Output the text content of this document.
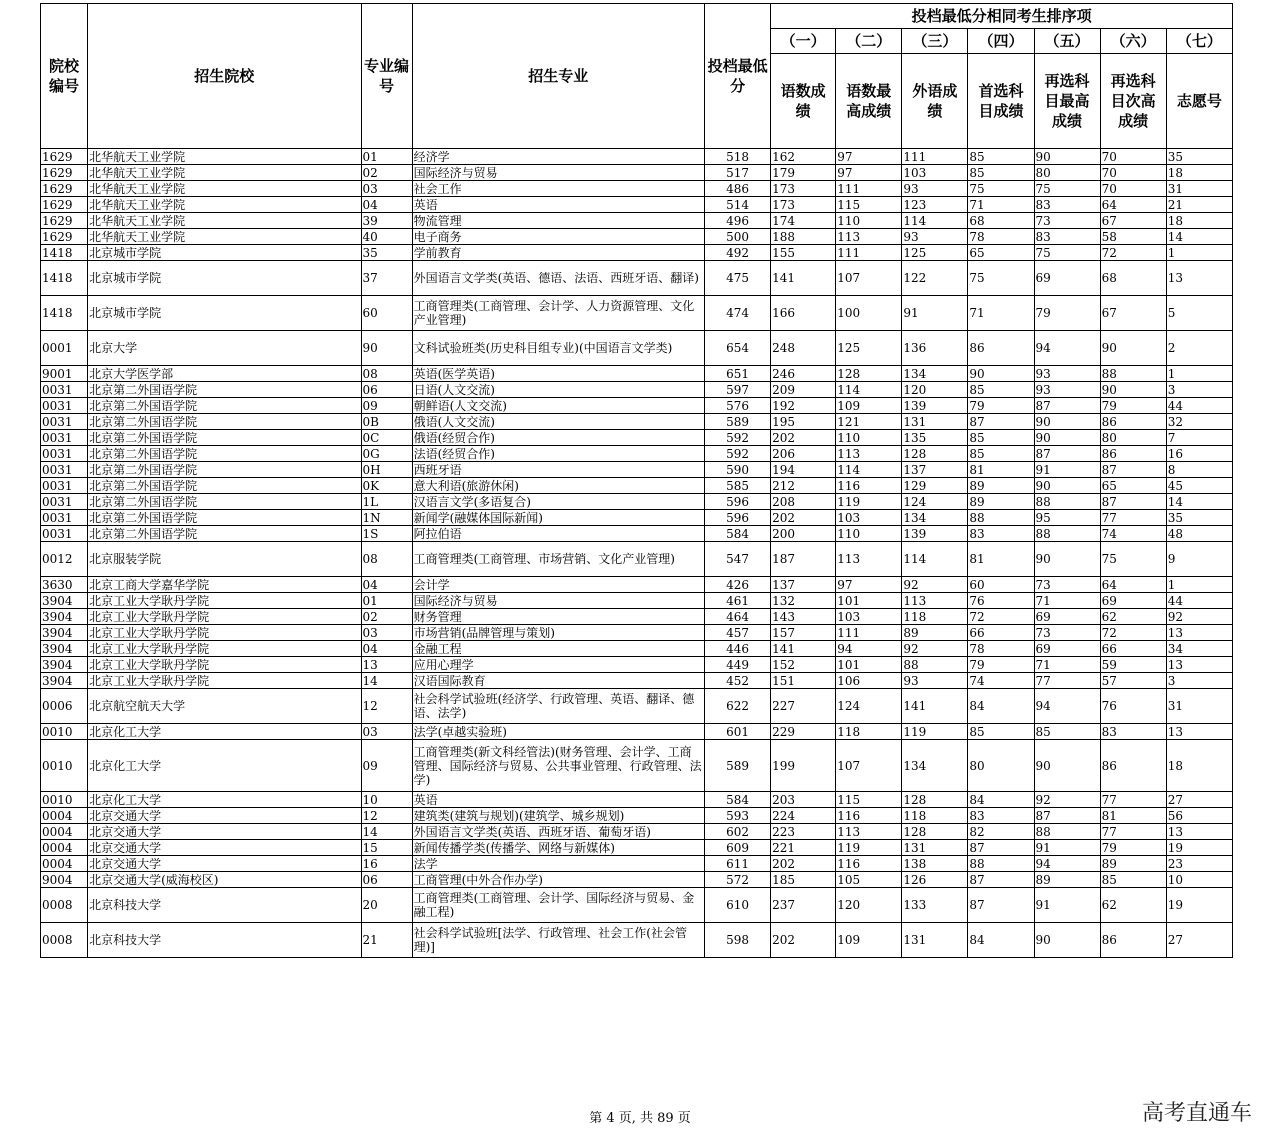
院校编号	招生院校	专业编号	招生专业	投档最低分	投档最低分相同考生排序项						
					（一）	（二）	（三）	（四）	（五）	（六）	（七）
					语数成绩	语数最高成绩	外语成绩	首选科目成绩	再选科目最高成绩	再选科目次高成绩	志愿号
1629	北华航天工业学院	01	经济学	518	162	97	111	85	90	70	35
1629	北华航天工业学院	02	国际经济与贸易	517	179	97	103	85	80	70	18
1629	北华航天工业学院	03	社会工作	486	173	111	93	75	75	70	31
1629	北华航天工业学院	04	英语	514	173	115	123	71	83	64	21
1629	北华航天工业学院	39	物流管理	496	174	110	114	68	73	67	18
1629	北华航天工业学院	40	电子商务	500	188	113	93	78	83	58	14
1418	北京城市学院	35	学前教育	492	155	111	125	65	75	72	1
1418	北京城市学院	37	外国语言文学类(英语、德语、法语、西班牙语、翻译)	475	141	107	122	75	69	68	13
1418	北京城市学院	60	工商管理类(工商管理、会计学、人力资源管理、文化产业管理)	474	166	100	91	71	79	67	5
0001	北京大学	90	文科试验班类(历史科目组专业)(中国语言文学类)	654	248	125	136	86	94	90	2
9001	北京大学医学部	08	英语(医学英语)	651	246	128	134	90	93	88	1
0031	北京第二外国语学院	06	日语(人文交流)	597	209	114	120	85	93	90	3
0031	北京第二外国语学院	09	朝鲜语(人文交流)	576	192	109	139	79	87	79	44
0031	北京第二外国语学院	0B	俄语(人文交流)	589	195	121	131	87	90	86	32
0031	北京第二外国语学院	0C	俄语(经贸合作)	592	202	110	135	85	90	80	7
0031	北京第二外国语学院	0G	法语(经贸合作)	592	206	113	128	85	87	86	16
0031	北京第二外国语学院	0H	西班牙语	590	194	114	137	81	91	87	8
0031	北京第二外国语学院	0K	意大利语(旅游休闲)	585	212	116	129	89	90	65	45
0031	北京第二外国语学院	1L	汉语言文学(多语复合)	596	208	119	124	89	88	87	14
0031	北京第二外国语学院	1N	新闻学(融媒体国际新闻)	596	202	103	134	88	95	77	35
0031	北京第二外国语学院	1S	阿拉伯语	584	200	110	139	83	88	74	48
0012	北京服装学院	08	工商管理类(工商管理、市场营销、文化产业管理)	547	187	113	114	81	90	75	9
3630	北京工商大学嘉华学院	04	会计学	426	137	97	92	60	73	64	1
3904	北京工业大学耿丹学院	01	国际经济与贸易	461	132	101	113	76	71	69	44
3904	北京工业大学耿丹学院	02	财务管理	464	143	103	118	72	69	62	92
3904	北京工业大学耿丹学院	03	市场营销(品牌管理与策划)	457	157	111	89	66	73	72	13
3904	北京工业大学耿丹学院	04	金融工程	446	141	94	92	78	69	66	34
3904	北京工业大学耿丹学院	13	应用心理学	449	152	101	88	79	71	59	13
3904	北京工业大学耿丹学院	14	汉语国际教育	452	151	106	93	74	77	57	3
0006	北京航空航天大学	12	社会科学试验班(经济学、行政管理、英语、翻译、德语、法学)	622	227	124	141	84	94	76	31
0010	北京化工大学	03	法学(卓越实验班)	601	229	118	119	85	85	83	13
0010	北京化工大学	09	工商管理类(新文科经管法)(财务管理、会计学、工商管理、国际经济与贸易、公共事业管理、行政管理、法学)	589	199	107	134	80	90	86	18
0010	北京化工大学	10	英语	584	203	115	128	84	92	77	27
0004	北京交通大学	12	建筑类(建筑与规划)(建筑学、城乡规划)	593	224	116	118	83	87	81	56
0004	北京交通大学	14	外国语言文学类(英语、西班牙语、葡萄牙语)	602	223	113	128	82	88	77	13
0004	北京交通大学	15	新闻传播学类(传播学、网络与新媒体)	609	221	119	131	87	91	79	19
0004	北京交通大学	16	法学	611	202	116	138	88	94	89	23
9004	北京交通大学(威海校区)	06	工商管理(中外合作办学)	572	185	105	126	87	89	85	10
0008	北京科技大学	20	工商管理类(工商管理、会计学、国际经济与贸易、金融工程)	610	237	120	133	87	91	62	19
0008	北京科技大学	21	社会科学试验班[法学、行政管理、社会工作(社会管理)]	598	202	109	131	84	90	86	27
第 4 页, 共 89 页	高考直通车
